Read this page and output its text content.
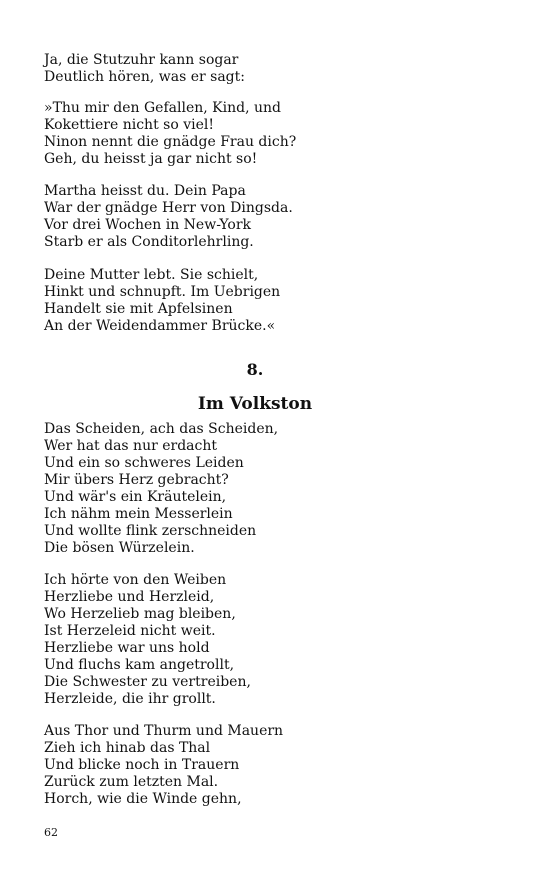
Ja, die Stutzuhr kann sogar
Deutlich hören, was er sagt:
»Thu mir den Gefallen, Kind, und
Kokettiere nicht so viel!
Ninon nennt die gnädge Frau dich?
Geh, du heisst ja gar nicht so!
Martha heisst du. Dein Papa
War der gnädge Herr von Dingsda.
Vor drei Wochen in New-York
Starb er als Conditorlehrling.
Deine Mutter lebt. Sie schielt,
Hinkt und schnupft. Im Uebrigen
Handelt sie mit Apfelsinen
An der Weidendammer Brücke.«
8.
Im Volkston
Das Scheiden, ach das Scheiden,
Wer hat das nur erdacht
Und ein so schweres Leiden
Mir übers Herz gebracht?
Und wär's ein Kräutelein,
Ich nähm mein Messerlein
Und wollte flink zerschneiden
Die bösen Würzelein.
Ich hörte von den Weiben
Herzliebe und Herzleid,
Wo Herzelieb mag bleiben,
Ist Herzeleid nicht weit.
Herzliebe war uns hold
Und fluchs kam angetrollt,
Die Schwester zu vertreiben,
Herzleide, die ihr grollt.
Aus Thor und Thurm und Mauern
Zieh ich hinab das Thal
Und blicke noch in Trauern
Zurück zum letzten Mal.
Horch, wie die Winde gehn,
62
